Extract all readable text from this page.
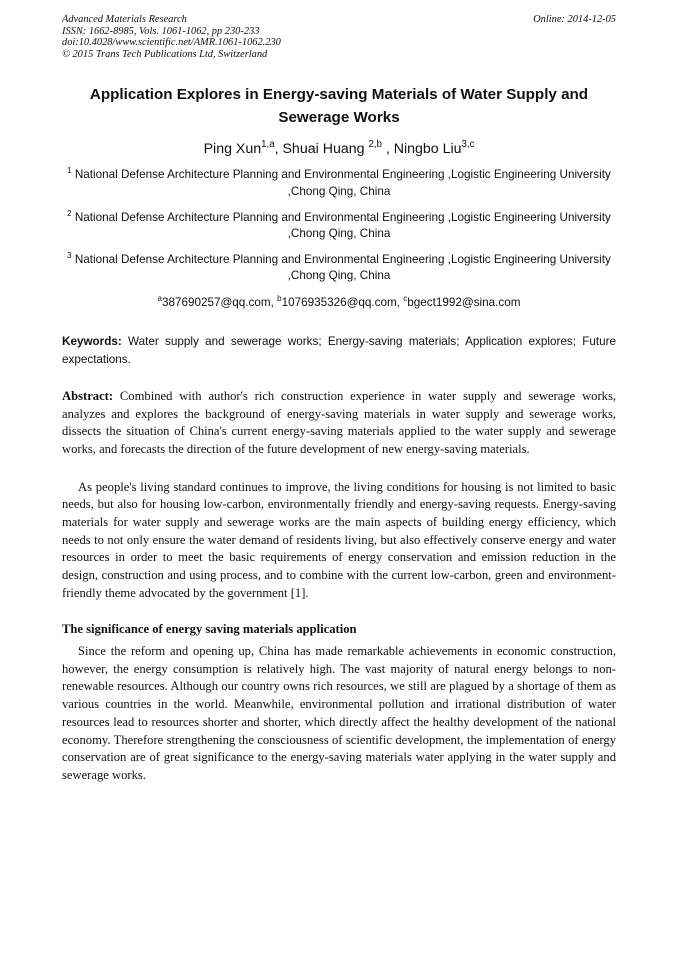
Advanced Materials Research
ISSN: 1662-8985, Vols. 1061-1062, pp 230-233
doi:10.4028/www.scientific.net/AMR.1061-1062.230
© 2015 Trans Tech Publications Ltd, Switzerland
Online: 2014-12-05
Application Explores in Energy-saving Materials of Water Supply and Sewerage Works
Ping Xun$^{1,a}$, Shuai Huang $^{2,b}$ , Ningbo Liu$^{3,c}$
$^1$ National Defense Architecture Planning and Environmental Engineering ,Logistic Engineering University ,Chong Qing, China
$^2$ National Defense Architecture Planning and Environmental Engineering ,Logistic Engineering University ,Chong Qing, China
$^3$ National Defense Architecture Planning and Environmental Engineering ,Logistic Engineering University ,Chong Qing, China
$^a$387690257@qq.com, $^b$1076935326@qq.com, $^c$bgect1992@sina.com
Keywords: Water supply and sewerage works; Energy-saving materials; Application explores; Future expectations.
Abstract: Combined with author's rich construction experience in water supply and sewerage works, analyzes and explores the background of energy-saving materials in water supply and sewerage works, dissects the situation of China's current energy-saving materials applied to the water supply and sewerage works, and forecasts the direction of the future development of new energy-saving materials.
As people's living standard continues to improve, the living conditions for housing is not limited to basic needs, but also for housing low-carbon, environmentally friendly and energy-saving requests. Energy-saving materials for water supply and sewerage works are the main aspects of building energy efficiency, which needs to not only ensure the water demand of residents living, but also effectively conserve energy and water resources in order to meet the basic requirements of energy conservation and emission reduction in the design, construction and using process, and to combine with the current low-carbon, green and environment-friendly theme advocated by the government [1].
The significance of energy saving materials application
Since the reform and opening up, China has made remarkable achievements in economic construction, however, the energy consumption is relatively high. The vast majority of natural energy belongs to non-renewable resources. Although our country owns rich resources, we still are plagued by a shortage of them as various countries in the world. Meanwhile, environmental pollution and irrational distribution of water resources lead to resources shorter and shorter, which directly affect the healthy development of the national economy. Therefore strengthening the consciousness of scientific development, the implementation of energy conservation are of great significance to the energy-saving materials water applying in the water supply and sewerage works.
